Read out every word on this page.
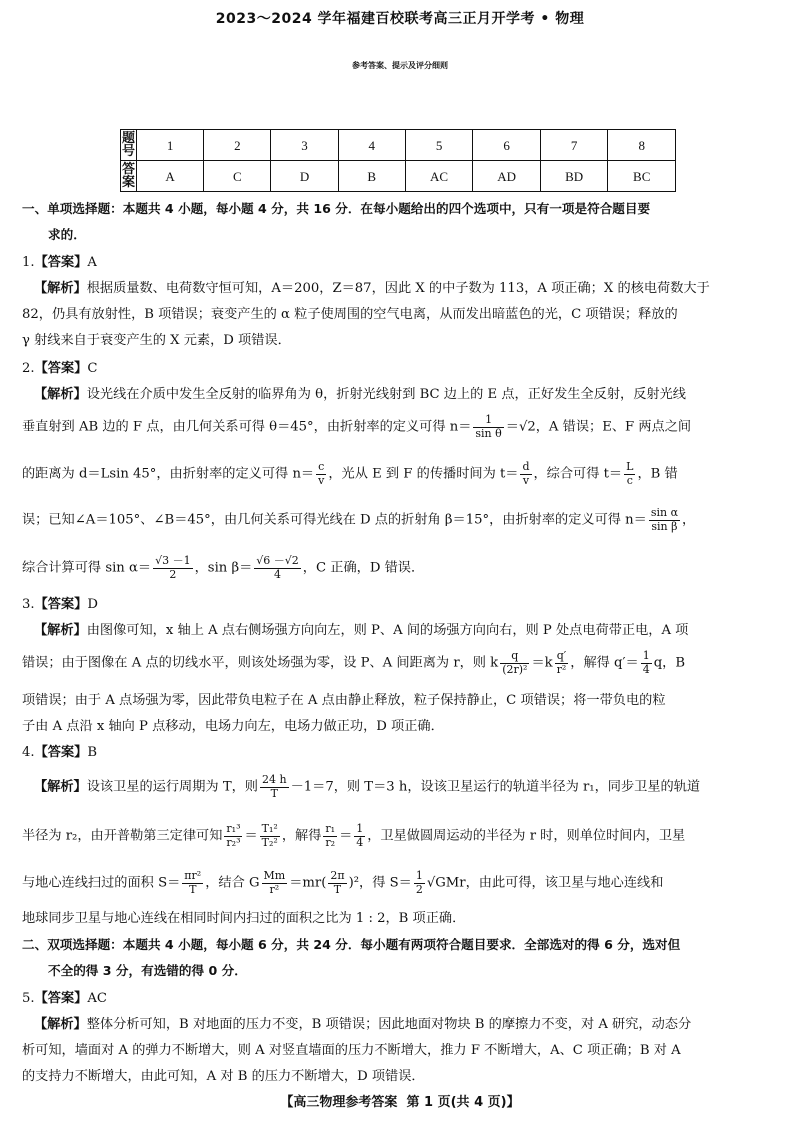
2023～2024 学年福建百校联考高三正月开学考 • 物理
参考答案、提示及评分细则
题号	1	2	3	4	5	6	7	8
答案	A	C	D	B	AC	AD	BD	BC
一、单项选择题：本题共 4 小题，每小题 4 分，共 16 分．在每小题给出的四个选项中，只有一项是符合题目要
求的．
1.【答案】A
【解析】根据质量数、电荷数守恒可知，A＝200，Z＝87，因此 X 的中子数为 113，A 项正确；X 的核电荷数大于
82，仍具有放射性，B 项错误；衰变产生的 α 粒子使周围的空气电离，从而发出暗蓝色的光，C 项错误；释放的
γ 射线来自于衰变产生的 X 元素，D 项错误．
2.【答案】C
【解析】设光线在介质中发生全反射的临界角为 θ，折射光线射到 BC 边上的 E 点，正好发生全反射，反射光线
垂直射到 AB 边的 F 点，由几何关系可得 θ＝45°，由折射率的定义可得 $n= \frac{1}{\text{sin θ}} =√2$，A 错误；E、F 两点之间
的距离为 d＝Lsin 45°，由折射率的定义可得 $n= \frac{c}{v}$ ，光从 E 到 F 的传播时间为 $t= \frac{d}{v}$ ，综合可得 $t= \frac{L}{c}$ ，B 错
误；已知∠A＝105°、∠B＝45°，由几何关系可得光线在 D 点的折射角 β＝15°，由折射率的定义可得 $n= \frac{\text{sin α}}{\text{sin β}}$ ，
综合计算可得 $\sin \alpha= \frac{√3 -1}{2}$ ，$\sin \beta= \frac{√6 -√2}{4}$ ，C 正确，D 错误．
3.【答案】D
【解析】由图像可知，x 轴上 A 点右侧场强方向向左，则 P、A 间的场强方向向右，则 P 处点电荷带正电，A 项
错误；由于图像在 A 点的切线水平，则该处场强为零，设 P、A 间距离为 r，则 k $\frac{q}{\text{(2r)²}} =k \frac{q'}{\text{r²}}$ ，解得 $q'= \frac{1}{4}$ q，B
项错误；由于 A 点场强为零，因此带负电粒子在 A 点由静止释放，粒子保持静止，C 项错误；将一带负电的粒
子由 A 点沿 x 轴向 P 点移动，电场力向左，电场力做正功，D 项正确．
4.【答案】B
【解析】设该卫星的运行周期为 T，则 $\frac{24 h}{T} -1=7$，则 T＝3 h，设该卫星运行的轨道半径为 r₁，同步卫星的轨道
半径为 r₂，由开普勒第三定律可知 $\frac{\text{r₁³}}{\text{r₂³}} = \frac{\text{T₁²}}{\text{T₂²}}$ ，解得 $\frac{\text{r₁}}{\text{r₂}} = \frac{1}{4}$ ，卫星做圆周运动的半径为 r 时，则单位时间内，卫星
与地心连线扫过的面积 $S= \frac{\text{πr²}}{T}$ ，结合 G $\frac{Mm}{\text{r²}} =mr( \frac{2\pi}{T} )^2$，得 $S= \frac{1}{2} √GMr$，由此可得，该卫星与地心连线和
地球同步卫星与地心连线在相同时间内扫过的面积之比为 1 : 2，B 项正确．
二、双项选择题：本题共 4 小题，每小题 6 分，共 24 分．每小题有两项符合题目要求．全部选对的得 6 分，选对但
不全的得 3 分，有选错的得 0 分．
5.【答案】AC
【解析】整体分析可知，B 对地面的压力不变，B 项错误；因此地面对物块 B 的摩擦力不变，对 A 研究，动态分
析可知，墙面对 A 的弹力不断增大，则 A 对竖直墙面的压力不断增大，推力 F 不断增大，A、C 项正确；B 对 A
的支持力不断增大，由此可知，A 对 B 的压力不断增大，D 项错误．
【高三物理参考答案 第 1 页(共 4 页)】
